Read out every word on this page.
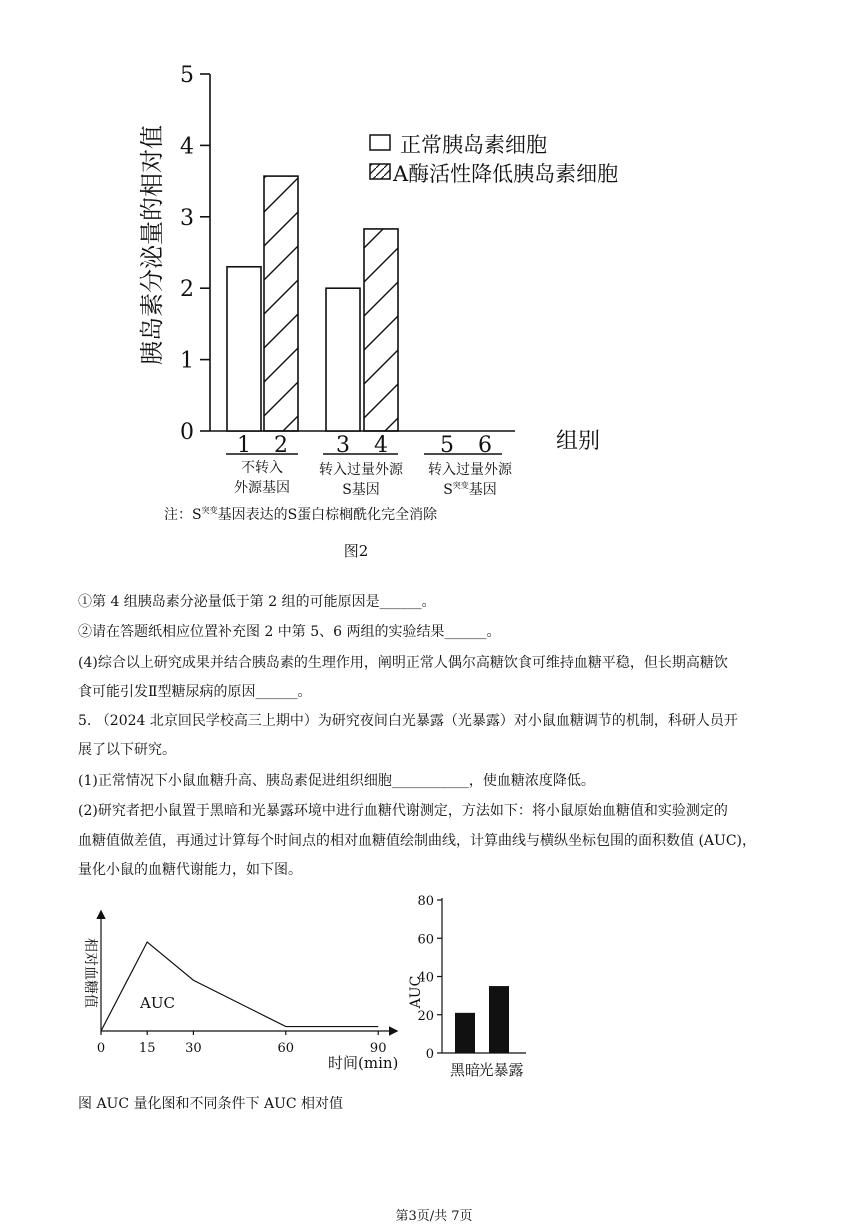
胰岛素分泌量的相对值
0
1
2
3
4
5
1 2 3 4 5 6	组别
正常胰岛素细胞
A酶活性降低胰岛素细胞
不转入
外源基因
转入过量外源
S基因
转入过量外源
$S^{突变}$基因
注：$S^{突变}$基因表达的S蛋白棕榈酰化完全消除
图2
①第 4 组胰岛素分泌量低于第 2 组的可能原因是______。
②请在答题纸相应位置补充图 2 中第 5、6 两组的实验结果______。
(4)综合以上研究成果并结合胰岛素的生理作用，阐明正常人偶尔高糖饮食可维持血糖平稳，但长期高糖饮
食可能引发Ⅱ型糖尿病的原因______。
5. （2024 北京回民学校高三上期中）为研究夜间白光暴露（光暴露）对小鼠血糖调节的机制，科研人员开
展了以下研究。
(1)正常情况下小鼠血糖升高、胰岛素促进组织细胞___________，使血糖浓度降低。
(2)研究者把小鼠置于黑暗和光暴露环境中进行血糖代谢测定，方法如下：将小鼠原始血糖值和实验测定的
血糖值做差值，再通过计算每个时间点的相对血糖值绘制曲线，计算曲线与横纵坐标包围的面积数值 (AUC)，
量化小鼠的血糖代谢能力，如下图。
相对血糖值
时间(min)
AUC
0	15 30	60	90
AUC
0
20
40
60
80
黑暗
光暴露
图 AUC 量化图和不同条件下 AUC 相对值
第3页/共 7页
